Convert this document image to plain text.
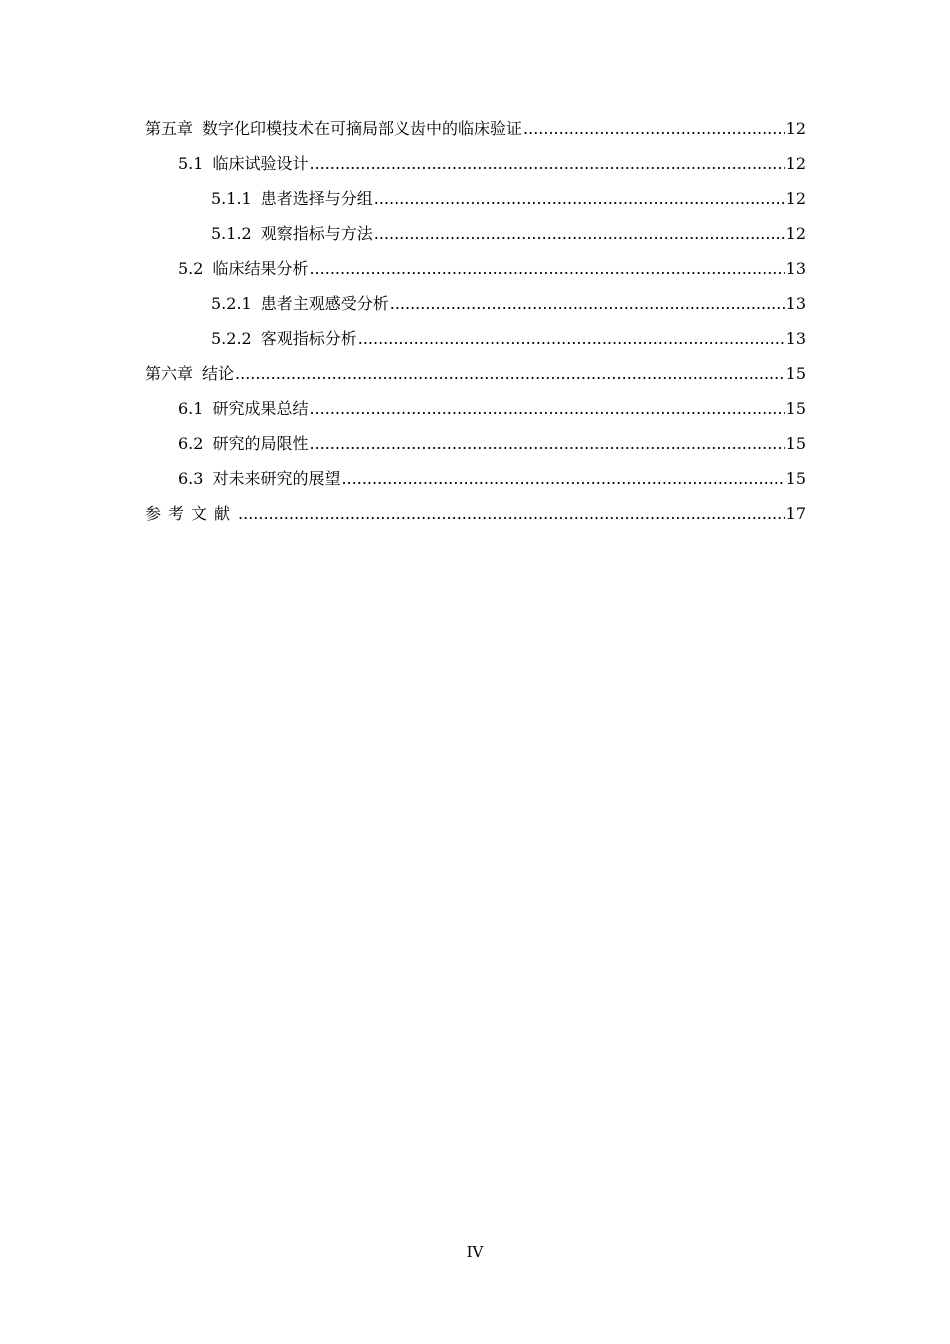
第五章 数字化印模技术在可摘局部义齿中的临床验证 .....	12
5.1 临床试验设计 .....	12
5.1.1 患者选择与分组 .....	12
5.1.2 观察指标与方法 .....	12
5.2 临床结果分析 .....	13
5.2.1 患者主观感受分析 .....	13
5.2.2 客观指标分析 .....	13
第六章 结论 .....	15
6.1 研究成果总结 .....	15
6.2 研究的局限性 .....	15
6.3 对未来研究的展望 .....	15
参考文献 .....	17
IV
